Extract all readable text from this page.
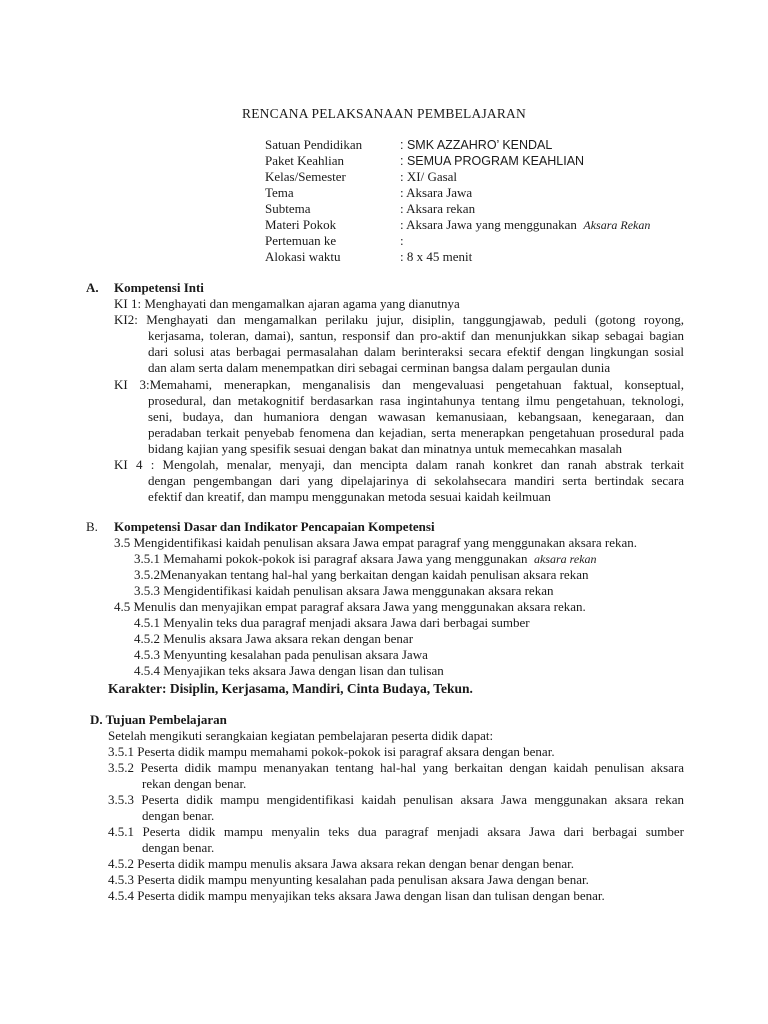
RENCANA PELAKSANAAN PEMBELAJARAN
Satuan Pendidikan	: SMK AZZAHRO’ KENDAL
Paket Keahlian	: SEMUA PROGRAM KEAHLIAN
Kelas/Semester	: XI/ Gasal
Tema	: Aksara Jawa
Subtema	: Aksara rekan
Materi Pokok	: Aksara Jawa yang menggunakan Aksara Rekan
Pertemuan ke	:
Alokasi waktu	: 8 x 45 menit
A. Kompetensi Inti
KI 1: Menghayati dan mengamalkan ajaran agama yang dianutnya
KI2: Menghayati dan mengamalkan perilaku jujur, disiplin, tanggungjawab, peduli (gotong royong,
kerjasama, toleran, damai), santun, responsif dan pro-aktif dan menunjukkan sikap sebagai bagian
dari solusi atas berbagai permasalahan dalam berinteraksi secara efektif dengan lingkungan sosial
dan alam serta dalam menempatkan diri sebagai cerminan bangsa dalam pergaulan dunia
KI 3:Memahami, menerapkan, menganalisis dan mengevaluasi pengetahuan faktual, konseptual,
prosedural, dan metakognitif berdasarkan rasa ingintahunya tentang ilmu pengetahuan, teknologi,
seni, budaya, dan humaniora dengan wawasan kemanusiaan, kebangsaan, kenegaraan, dan
peradaban terkait penyebab fenomena dan kejadian, serta menerapkan pengetahuan prosedural pada
bidang kajian yang spesifik sesuai dengan bakat dan minatnya untuk memecahkan masalah
KI 4 : Mengolah, menalar, menyaji, dan mencipta dalam ranah konkret dan ranah abstrak terkait
dengan pengembangan dari yang dipelajarinya di sekolahsecara mandiri serta bertindak secara
efektif dan kreatif, dan mampu menggunakan metoda sesuai kaidah keilmuan
B. Kompetensi Dasar dan Indikator Pencapaian Kompetensi
3.5 Mengidentifikasi kaidah penulisan aksara Jawa empat paragraf yang menggunakan aksara rekan.
3.5.1 Memahami pokok-pokok isi paragraf aksara Jawa yang menggunakan aksara rekan
3.5.2Menanyakan tentang hal-hal yang berkaitan dengan kaidah penulisan aksara rekan
3.5.3 Mengidentifikasi kaidah penulisan aksara Jawa menggunakan aksara rekan
4.5 Menulis dan menyajikan empat paragraf aksara Jawa yang menggunakan aksara rekan.
4.5.1 Menyalin teks dua paragraf menjadi aksara Jawa dari berbagai sumber
4.5.2 Menulis aksara Jawa aksara rekan dengan benar
4.5.3 Menyunting kesalahan pada penulisan aksara Jawa
4.5.4 Menyajikan teks aksara Jawa dengan lisan dan tulisan
Karakter: Disiplin, Kerjasama, Mandiri, Cinta Budaya, Tekun.
D. Tujuan Pembelajaran
Setelah mengikuti serangkaian kegiatan pembelajaran peserta didik dapat:
3.5.1 Peserta didik mampu memahami pokok-pokok isi paragraf aksara dengan benar.
3.5.2 Peserta didik mampu menanyakan tentang hal-hal yang berkaitan dengan kaidah penulisan aksara
rekan dengan benar.
3.5.3 Peserta didik mampu mengidentifikasi kaidah penulisan aksara Jawa menggunakan aksara rekan
dengan benar.
4.5.1 Peserta didik mampu menyalin teks dua paragraf menjadi aksara Jawa dari berbagai sumber
dengan benar.
4.5.2 Peserta didik mampu menulis aksara Jawa aksara rekan dengan benar dengan benar.
4.5.3 Peserta didik mampu menyunting kesalahan pada penulisan aksara Jawa dengan benar.
4.5.4 Peserta didik mampu menyajikan teks aksara Jawa dengan lisan dan tulisan dengan benar.
